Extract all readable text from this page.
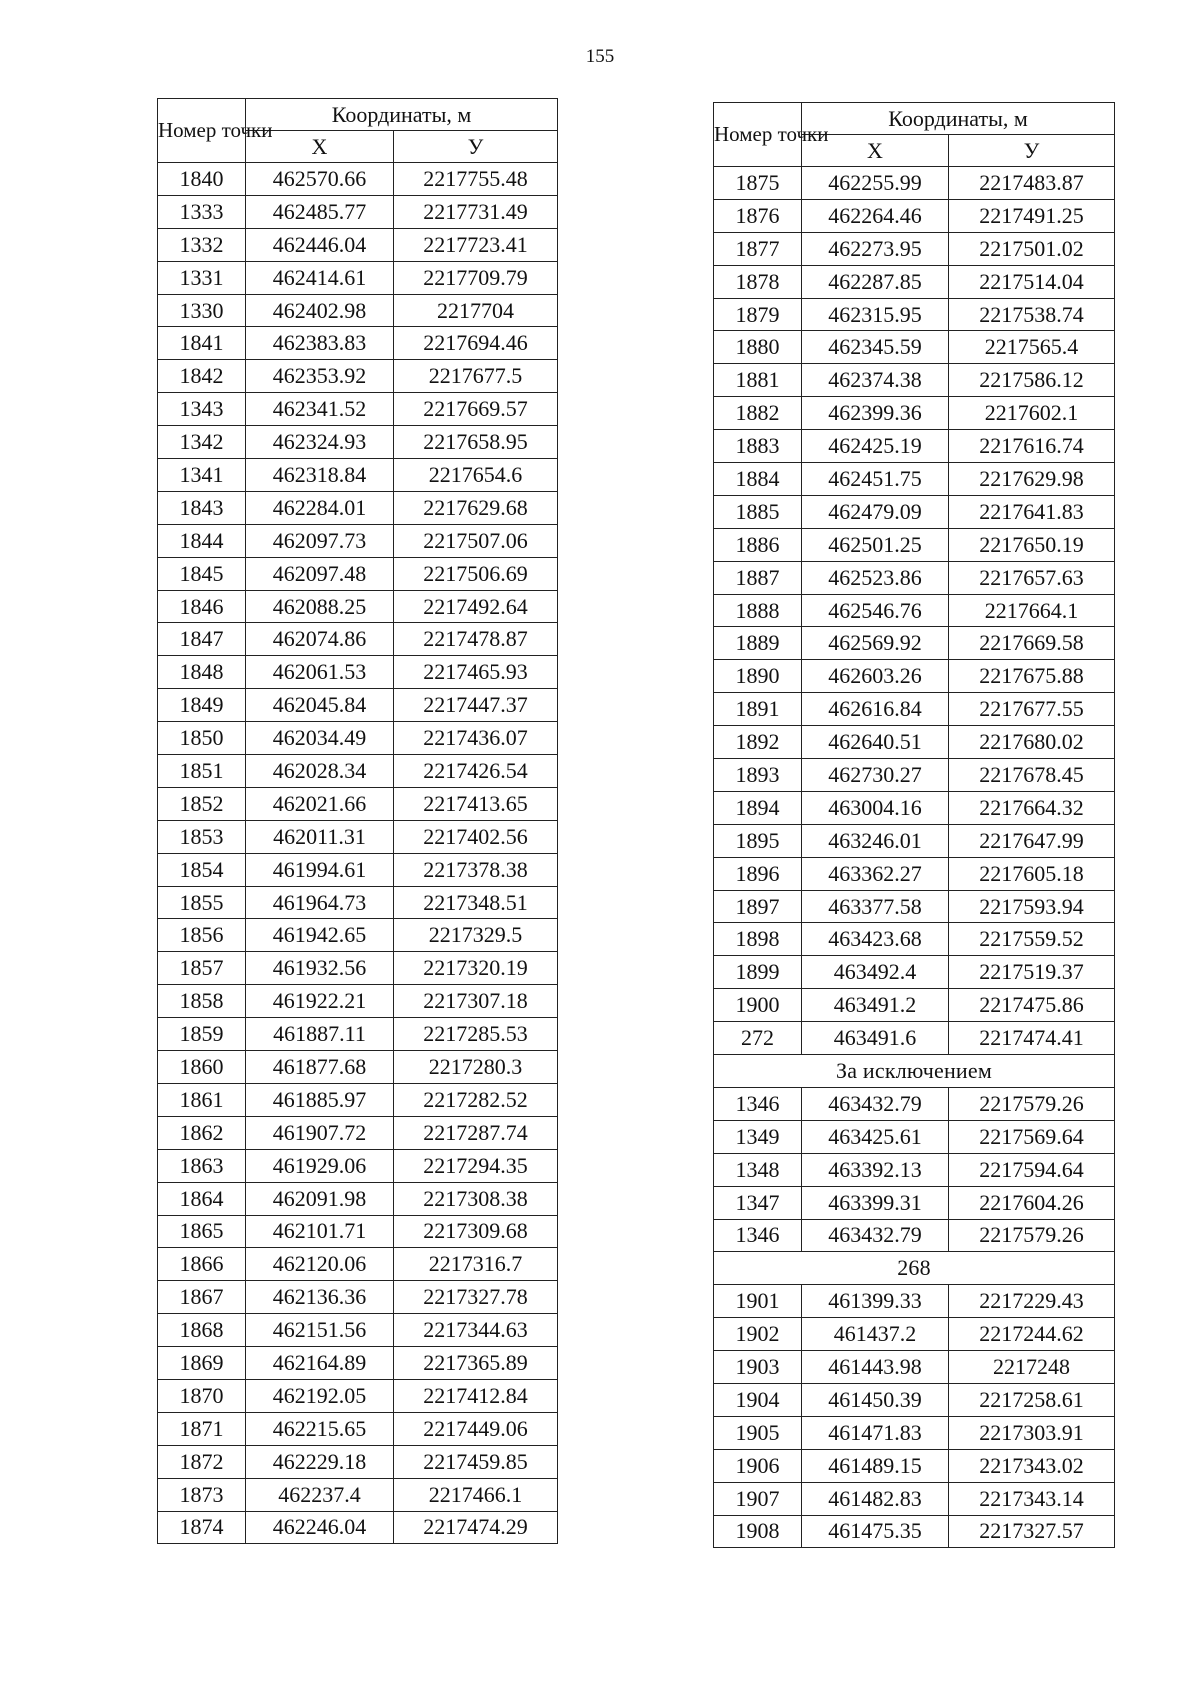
155
Номер точки	Координаты, м	
	Х	У
1840	462570.66	2217755.48
1333	462485.77	2217731.49
1332	462446.04	2217723.41
1331	462414.61	2217709.79
1330	462402.98	2217704
1841	462383.83	2217694.46
1842	462353.92	2217677.5
1343	462341.52	2217669.57
1342	462324.93	2217658.95
1341	462318.84	2217654.6
1843	462284.01	2217629.68
1844	462097.73	2217507.06
1845	462097.48	2217506.69
1846	462088.25	2217492.64
1847	462074.86	2217478.87
1848	462061.53	2217465.93
1849	462045.84	2217447.37
1850	462034.49	2217436.07
1851	462028.34	2217426.54
1852	462021.66	2217413.65
1853	462011.31	2217402.56
1854	461994.61	2217378.38
1855	461964.73	2217348.51
1856	461942.65	2217329.5
1857	461932.56	2217320.19
1858	461922.21	2217307.18
1859	461887.11	2217285.53
1860	461877.68	2217280.3
1861	461885.97	2217282.52
1862	461907.72	2217287.74
1863	461929.06	2217294.35
1864	462091.98	2217308.38
1865	462101.71	2217309.68
1866	462120.06	2217316.7
1867	462136.36	2217327.78
1868	462151.56	2217344.63
1869	462164.89	2217365.89
1870	462192.05	2217412.84
1871	462215.65	2217449.06
1872	462229.18	2217459.85
1873	462237.4	2217466.1
1874	462246.04	2217474.29
Номер точки	Координаты, м	
	Х	У
1875	462255.99	2217483.87
1876	462264.46	2217491.25
1877	462273.95	2217501.02
1878	462287.85	2217514.04
1879	462315.95	2217538.74
1880	462345.59	2217565.4
1881	462374.38	2217586.12
1882	462399.36	2217602.1
1883	462425.19	2217616.74
1884	462451.75	2217629.98
1885	462479.09	2217641.83
1886	462501.25	2217650.19
1887	462523.86	2217657.63
1888	462546.76	2217664.1
1889	462569.92	2217669.58
1890	462603.26	2217675.88
1891	462616.84	2217677.55
1892	462640.51	2217680.02
1893	462730.27	2217678.45
1894	463004.16	2217664.32
1895	463246.01	2217647.99
1896	463362.27	2217605.18
1897	463377.58	2217593.94
1898	463423.68	2217559.52
1899	463492.4	2217519.37
1900	463491.2	2217475.86
272	463491.6	2217474.41
За исключением		
1346	463432.79	2217579.26
1349	463425.61	2217569.64
1348	463392.13	2217594.64
1347	463399.31	2217604.26
1346	463432.79	2217579.26
268		
1901	461399.33	2217229.43
1902	461437.2	2217244.62
1903	461443.98	2217248
1904	461450.39	2217258.61
1905	461471.83	2217303.91
1906	461489.15	2217343.02
1907	461482.83	2217343.14
1908	461475.35	2217327.57
